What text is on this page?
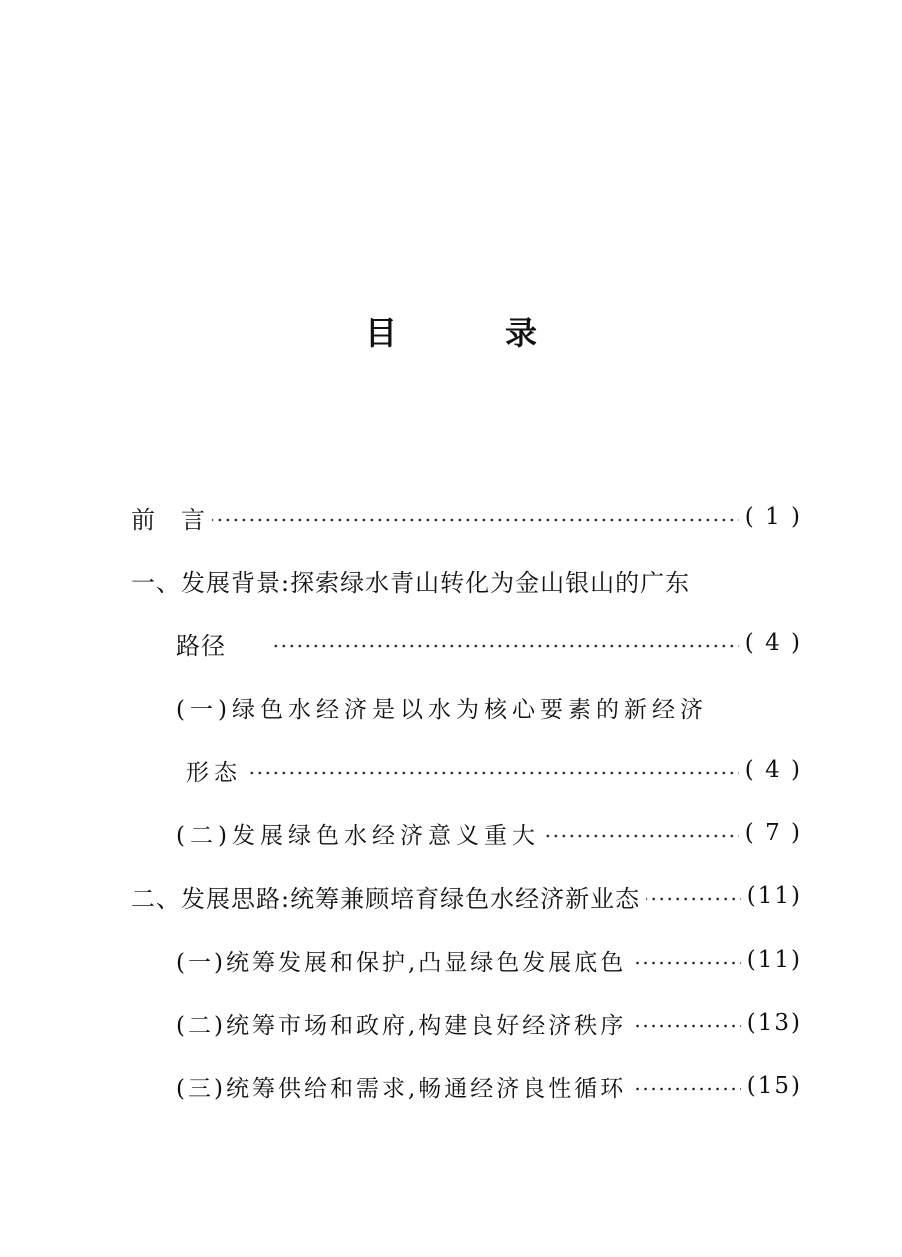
目　录
前　言	( 1 )
一、发展背景:探索绿水青山转化为金山银山的广东
路径	( 4 )
(一)绿色水经济是以水为核心要素的新经济
形态	( 4 )
(二)发展绿色水经济意义重大	( 7 )
二、发展思路:统筹兼顾培育绿色水经济新业态	(11)
(一)统筹发展和保护,凸显绿色发展底色	(11)
(二)统筹市场和政府,构建良好经济秩序	(13)
(三)统筹供给和需求,畅通经济良性循环	(15)
